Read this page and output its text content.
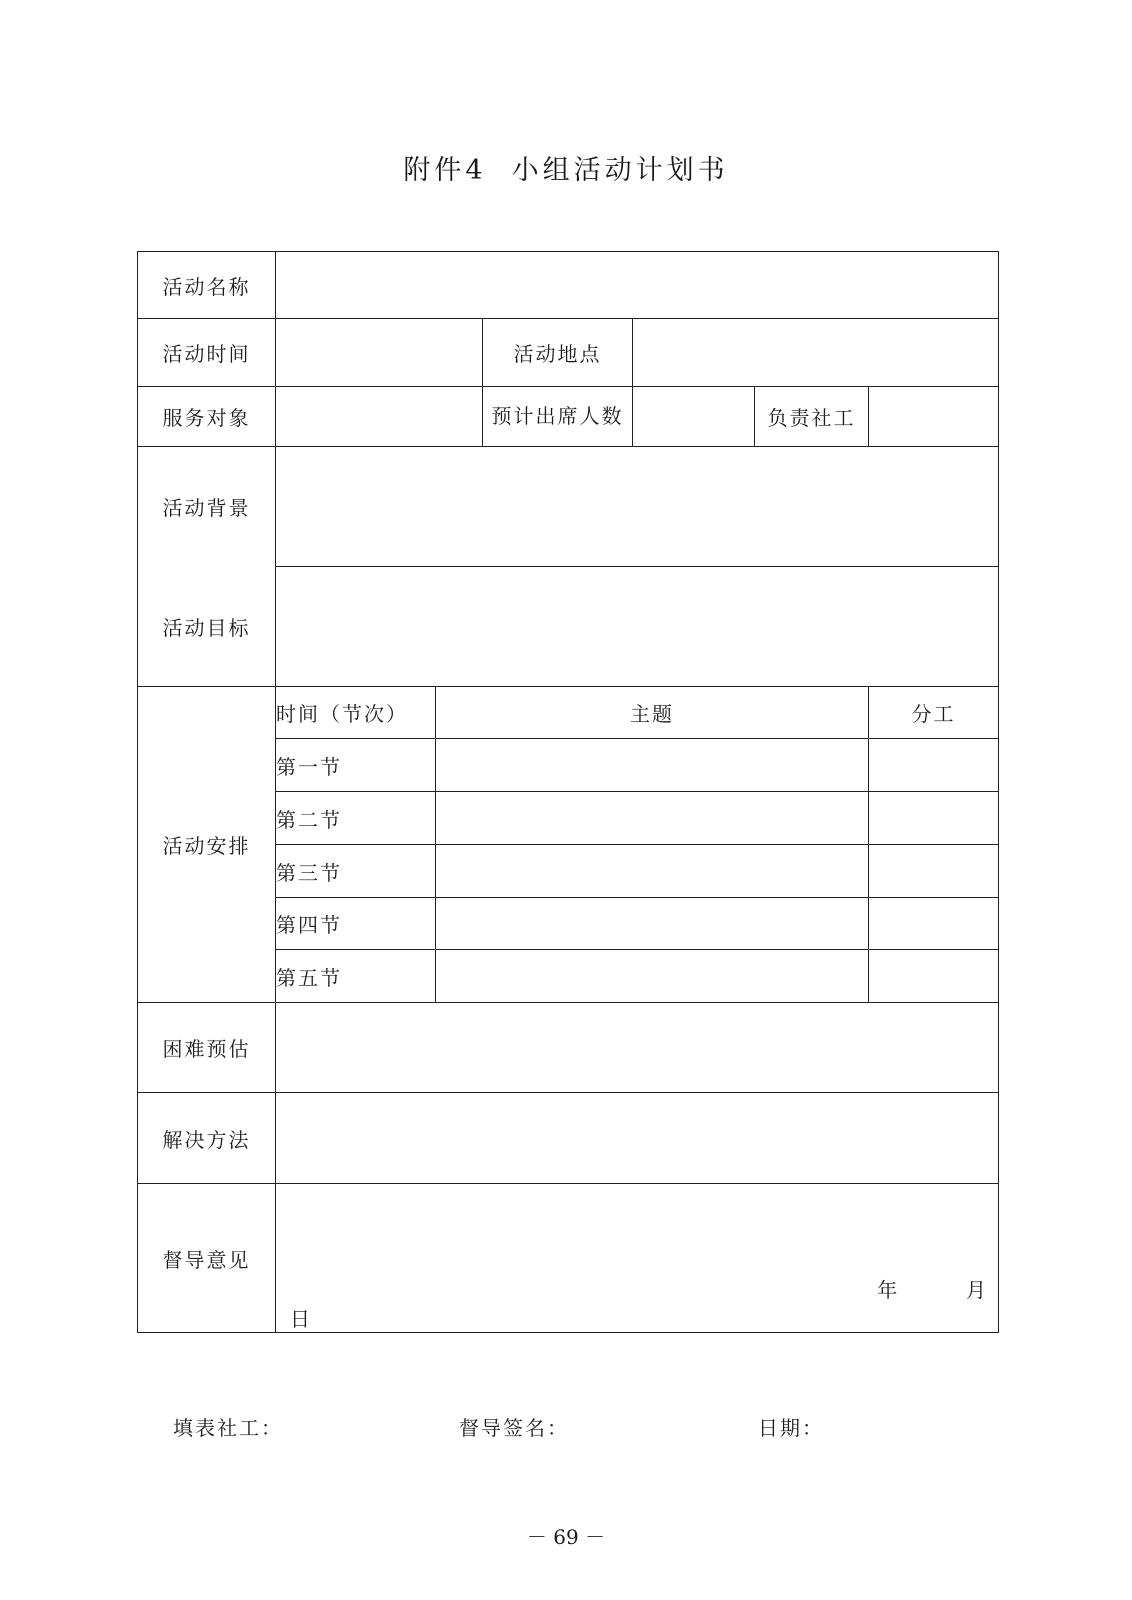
附件4  小组活动计划书
活动名称						
活动时间			活动地点			
服务对象			预计出席人数		负责社工	
活动背景						
活动目标						
活动安排	时间（节次）	主题				分工
	第一节					
	第二节					
	第三节					
	第四节					
	第五节					
困难预估						
解决方法						
督导意见	年        月
日					
填表社工：	督导签名：	日期：
－ 69 －
